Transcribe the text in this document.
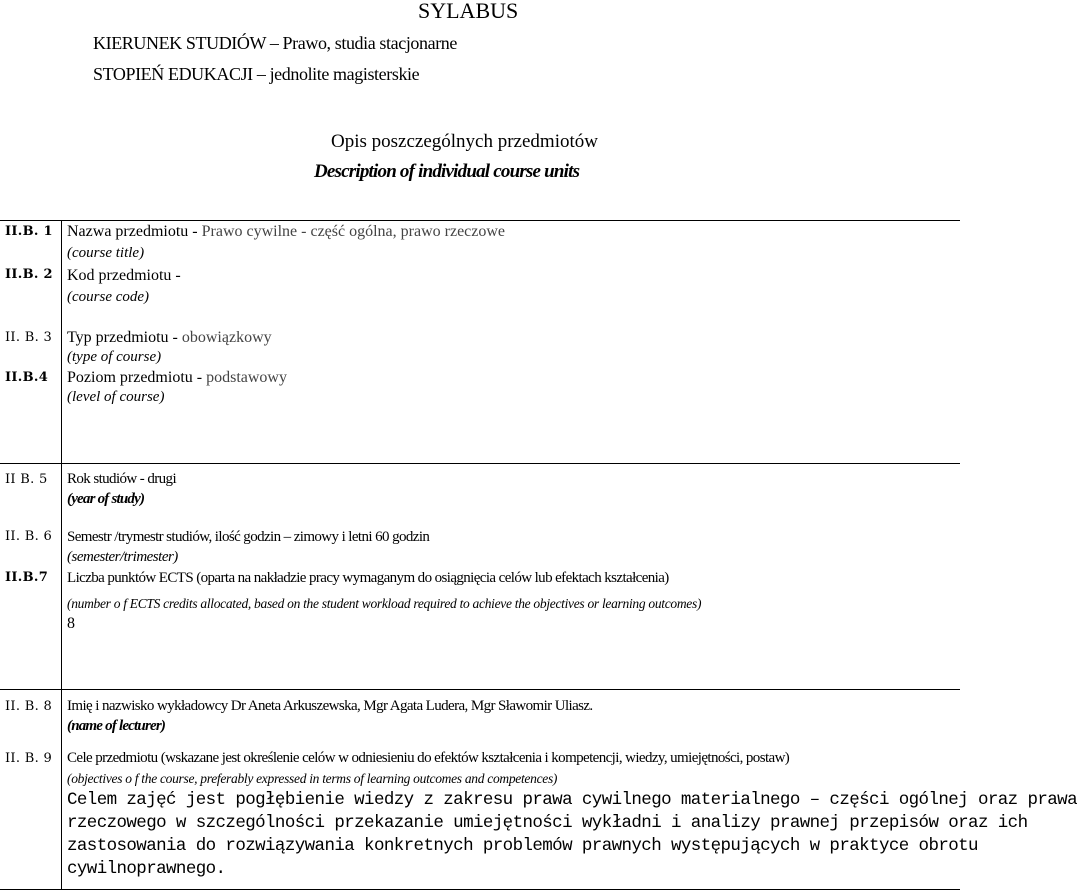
SYLABUS
KIERUNEK STUDIÓW – Prawo, studia stacjonarne
STOPIEŃ EDUKACJI – jednolite magisterskie
Opis poszczególnych przedmiotów
Description of individual course units
II.B. 1 Nazwa przedmiotu - Prawo cywilne - część ogólna, prawo rzeczowe
(course title)
II.B. 2 Kod przedmiotu -
(course code)
II. B. 3 Typ przedmiotu - obowiązkowy
(type of course)
II.B.4 Poziom przedmiotu - podstawowy
(level of course)
II B. 5 Rok studiów - drugi
(year of study)
II. B. 6 Semestr /trymestr studiów, ilość godzin – zimowy i letni 60 godzin
(semester/trimester)
II.B.7 Liczba punktów ECTS (oparta na nakładzie pracy wymaganym do osiągnięcia celów lub efektach kształcenia)
(number o f ECTS credits allocated, based on the student workload required to achieve the objectives or learning outcomes)
8
II. B. 8 Imię i nazwisko wykładowcy Dr Aneta Arkuszewska, Mgr Agata Ludera, Mgr Sławomir Uliasz.
(name of lecturer)
II. B. 9 Cele przedmiotu (wskazane jest określenie celów w odniesieniu do efektów kształcenia i kompetencji, wiedzy, umiejętności, postaw)
(objectives o f the course, preferably expressed in terms of learning outcomes and competences)
Celem zajęć jest pogłębienie wiedzy z zakresu prawa cywilnego materialnego – części ogólnej oraz prawa
rzeczowego w szczególności przekazanie umiejętności wykładni i analizy prawnej przepisów oraz ich
zastosowania do rozwiązywania konkretnych problemów prawnych występujących w praktyce obrotu
cywilnoprawnego.
